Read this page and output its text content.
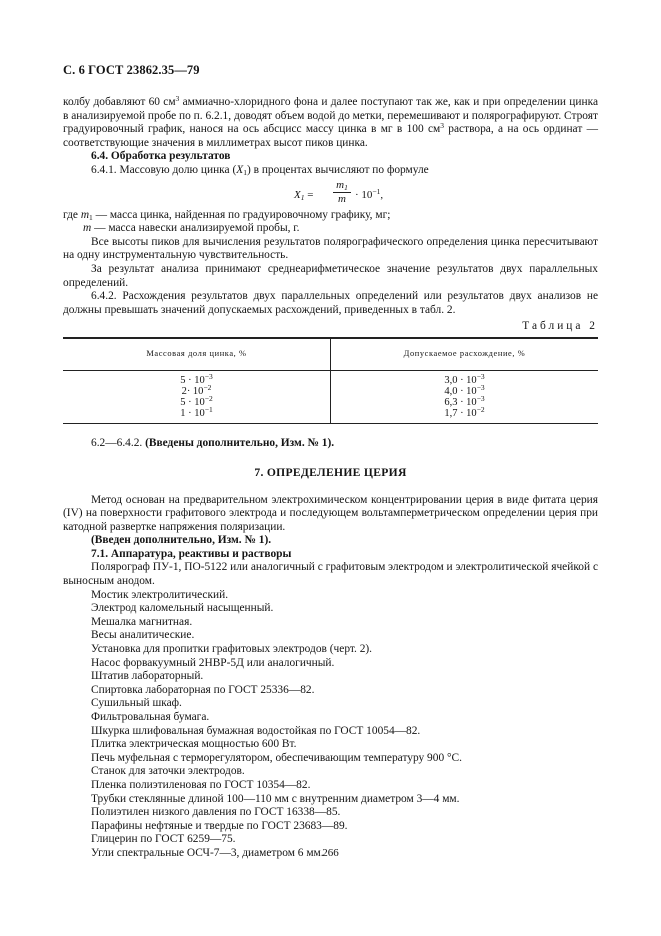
С. 6 ГОСТ 23862.35—79

колбу добавляют 60 $см^3$ аммиачно-хлоридного фона и далее поступают так же, как и при определении цинка в анализируемой пробе по п. 6.2.1, доводят объем водой до метки, перемешивают и полярографируют. Строят градуировочный график, нанося на ось абсцисс массу цинка в мг в 100 $см^3$ раствора, а на ось ординат — соответствующие значения в миллиметрах высот пиков цинка.

6.4. Обработка результатов

6.4.1. Массовую долю цинка $(X_1)$ в процентах вычисляют по формуле

$X_1 = \frac{m_1}{m} \cdot 10^{-1}$,

где $m_1$ — масса цинка, найденная по градуировочному графику, мг;

m — масса навески анализируемой пробы, г.

Все высоты пиков для вычисления результатов полярографического определения цинка пересчитывают на одну инструментальную чувствительность.

За результат анализа принимают среднеарифметическое значение результатов двух параллельных определений.

6.4.2. Расхождения результатов двух параллельных определений или результатов двух анализов не должны превышать значений допускаемых расхождений, приведенных в табл. 2.

Таблица 2
Массовая доля цинка, %	Допускаемое расхождение, %
$5 \cdot 10^{-3}$	$3,0 \cdot 10^{-3}$
$2\cdot 10^{-2}$	$4,0 \cdot 10^{-3}$
$5 \cdot 10^{-2}$	$6,3 \cdot 10^{-3}$
$1 \cdot 10^{-1}$	$1,7 \cdot 10^{-2}$

6.2—6.4.2. (Введены дополнительно, Изм. № 1).

7. ОПРЕДЕЛЕНИЕ ЦЕРИЯ

Метод основан на предварительном электрохимическом концентрировании церия в виде фитата церия (IV) на поверхности графитового электрода и последующем вольтамперметрическом определении церия при катодной развертке напряжения поляризации.

(Введен дополнительно, Изм. № 1).

7.1. Аппаратура, реактивы и растворы

Полярограф ПУ-1, ПО-5122 или аналогичный с графитовым электродом и электролитической ячейкой с выносным анодом.

Мостик электролитический.

Электрод каломельный насыщенный.

Мешалка магнитная.

Весы аналитические.

Установка для пропитки графитовых электродов (черт. 2).

Насос форвакуумный 2НВР-5Д или аналогичный.

Штатив лабораторный.

Спиртовка лабораторная по ГОСТ 25336—82.

Сушильный шкаф.

Фильтровальная бумага.

Шкурка шлифовальная бумажная водостойкая по ГОСТ 10054—82.

Плитка электрическая мощностью 600 Вт.

Печь муфельная с терморегулятором, обеспечивающим температуру 900 °С.

Станок для заточки электродов.

Пленка полиэтиленовая по ГОСТ 10354—82.

Трубки стеклянные длиной 100—110 мм с внутренним диаметром 3—4 мм.

Полиэтилен низкого давления по ГОСТ 16338—85.

Парафины нефтяные и твердые по ГОСТ 23683—89.

Глицерин по ГОСТ 6259—75.

Угли спектральные ОСЧ-7—3, диаметром 6 мм.

266
